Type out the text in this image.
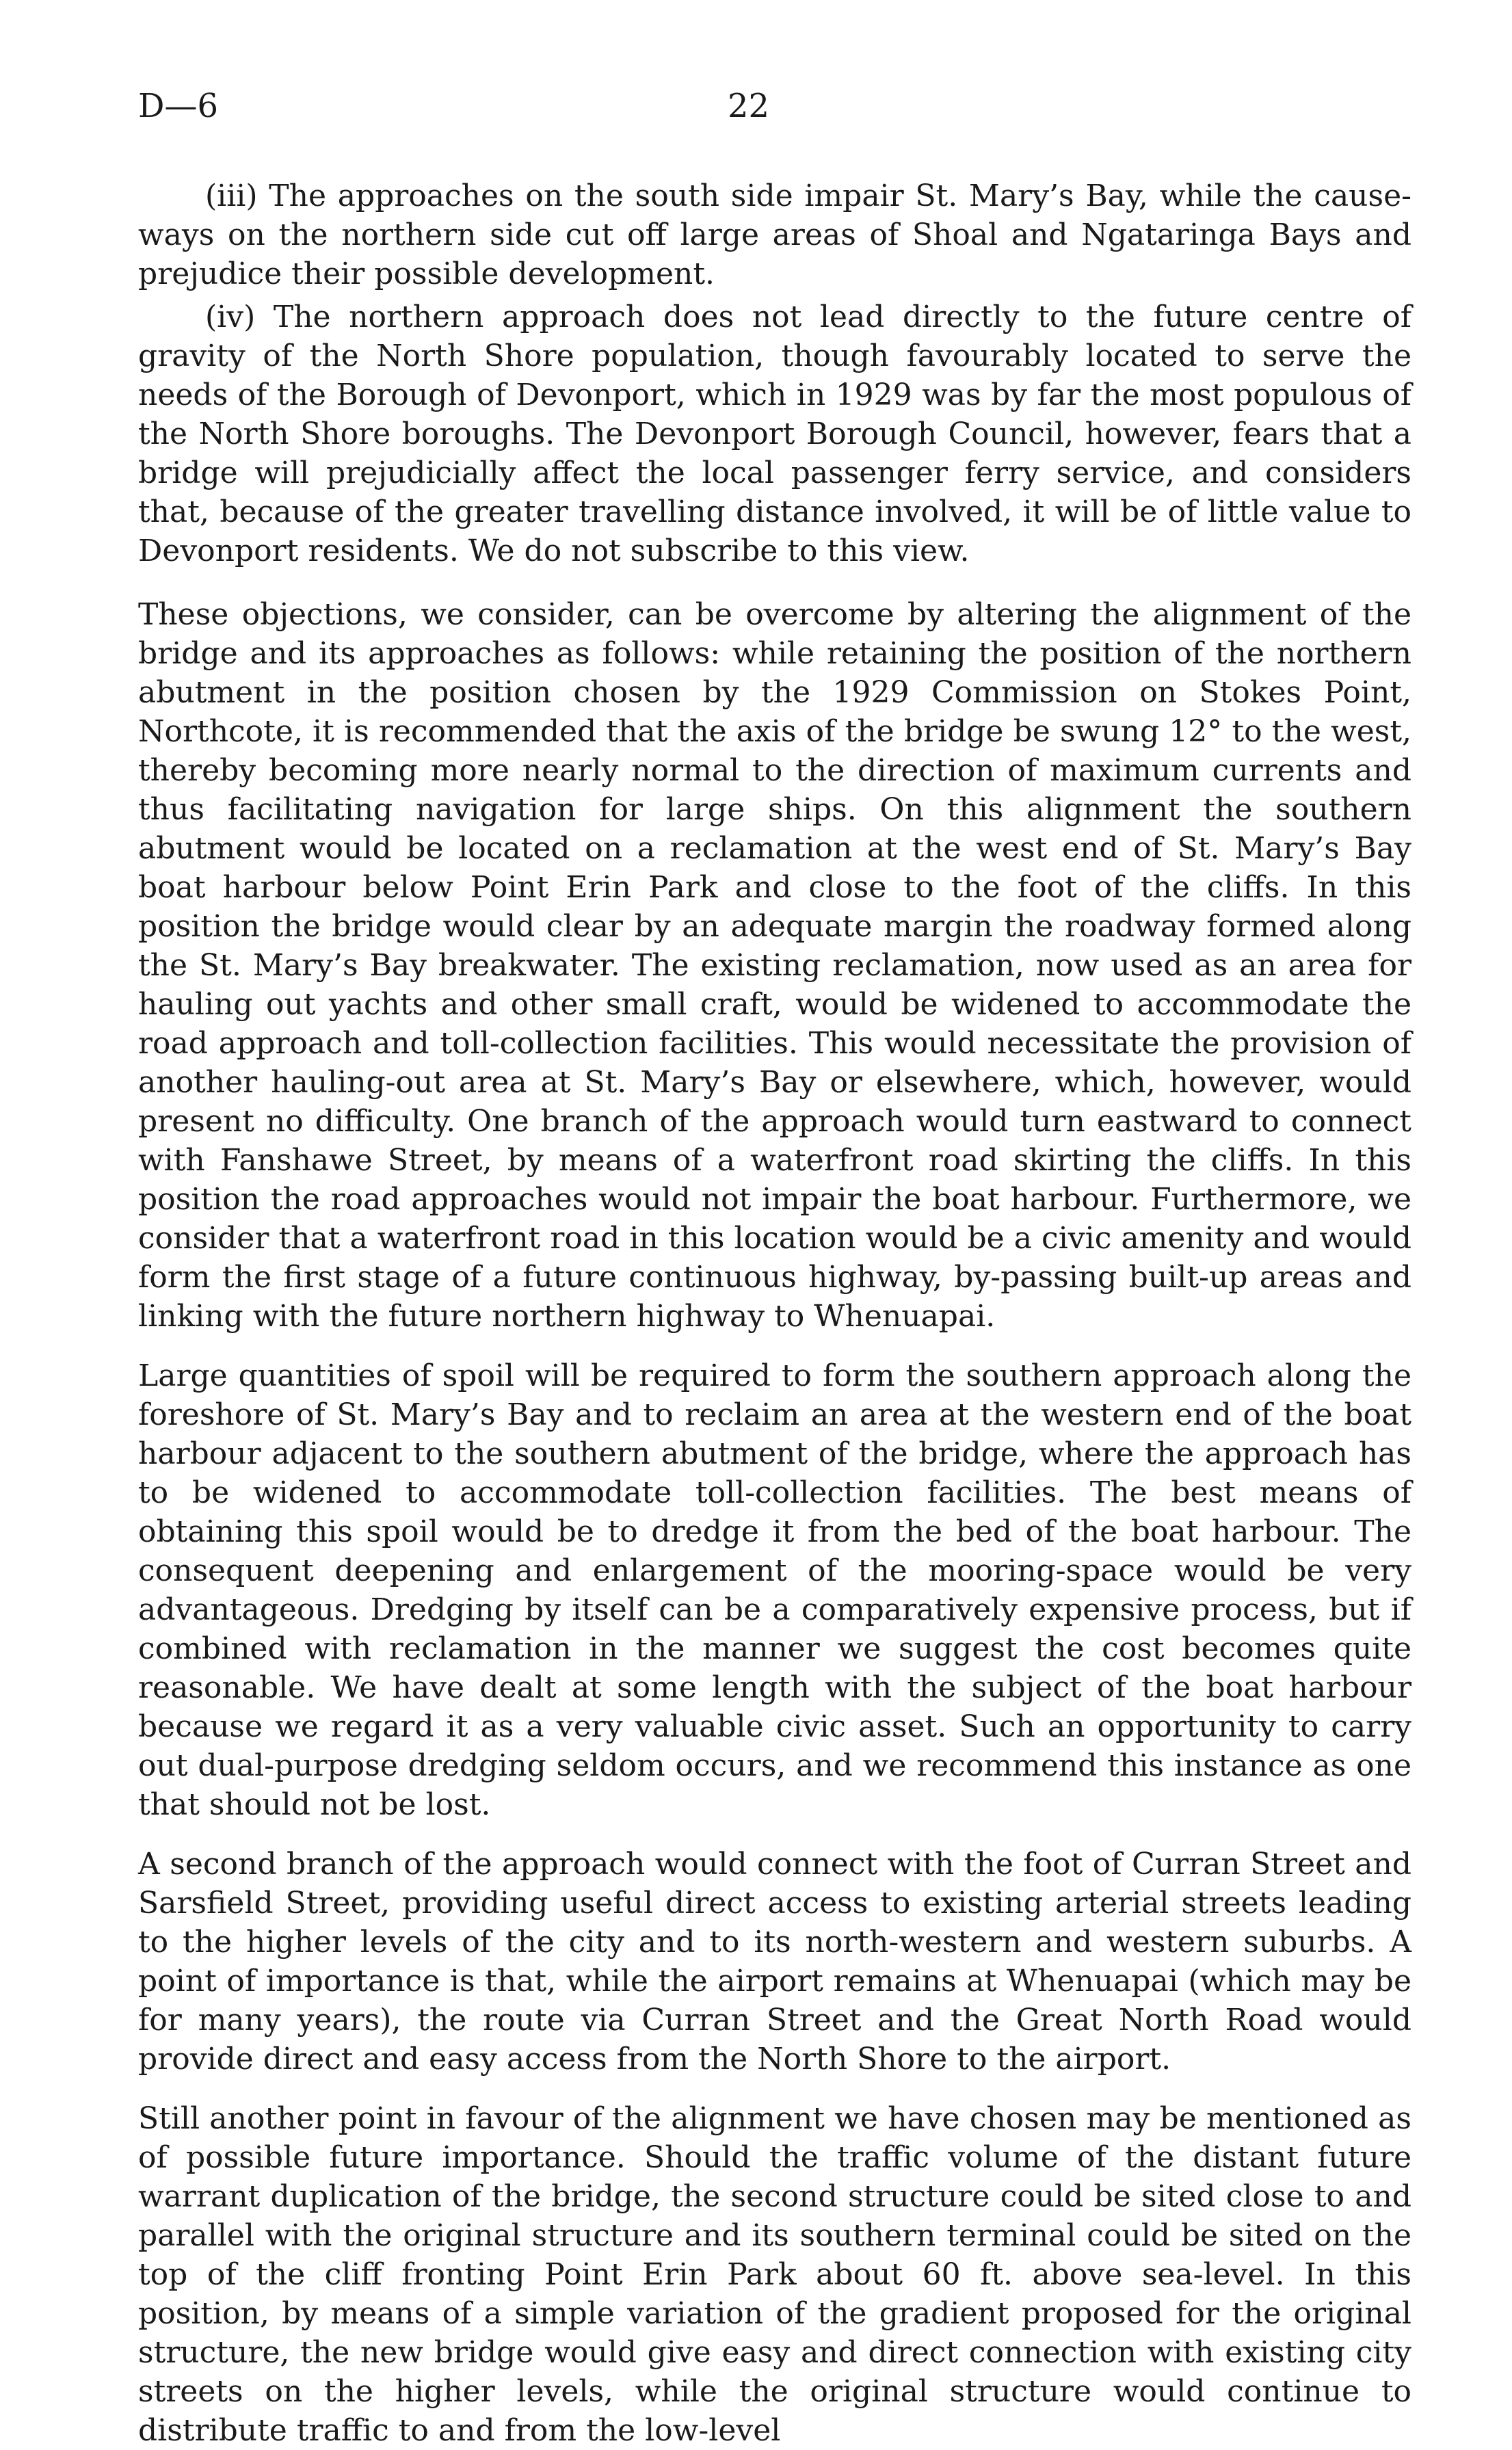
D—6	22

(iii) The approaches on the south side impair St. Mary’s Bay, while the cause-ways on the northern side cut off large areas of Shoal and Ngataringa Bays and prejudice their possible development.

(iv) The northern approach does not lead directly to the future centre of gravity of the North Shore population, though favourably located to serve the needs of the Borough of Devonport, which in 1929 was by far the most populous of the North Shore boroughs. The Devonport Borough Council, however, fears that a bridge will prejudicially affect the local passenger ferry service, and considers that, because of the greater travelling distance involved, it will be of little value to Devonport residents. We do not subscribe to this view.

These objections, we consider, can be overcome by altering the alignment of the bridge and its approaches as follows: while retaining the position of the northern abutment in the position chosen by the 1929 Commission on Stokes Point, Northcote, it is recommended that the axis of the bridge be swung 12° to the west, thereby becoming more nearly normal to the direction of maximum currents and thus facilitating navigation for large ships. On this alignment the southern abutment would be located on a reclamation at the west end of St. Mary’s Bay boat harbour below Point Erin Park and close to the foot of the cliffs. In this position the bridge would clear by an adequate margin the roadway formed along the St. Mary’s Bay breakwater. The existing reclamation, now used as an area for hauling out yachts and other small craft, would be widened to accommodate the road approach and toll-collection facilities. This would necessitate the provision of another hauling-out area at St. Mary’s Bay or elsewhere, which, however, would present no difficulty. One branch of the approach would turn eastward to connect with Fanshawe Street, by means of a waterfront road skirting the cliffs. In this position the road approaches would not impair the boat harbour. Furthermore, we consider that a waterfront road in this location would be a civic amenity and would form the first stage of a future continuous highway, by-passing built-up areas and linking with the future northern highway to Whenuapai.

Large quantities of spoil will be required to form the southern approach along the foreshore of St. Mary’s Bay and to reclaim an area at the western end of the boat harbour adjacent to the southern abutment of the bridge, where the approach has to be widened to accommodate toll-collection facilities. The best means of obtaining this spoil would be to dredge it from the bed of the boat harbour. The consequent deepening and enlargement of the mooring-space would be very advantageous. Dredging by itself can be a comparatively expensive process, but if combined with reclamation in the manner we suggest the cost becomes quite reasonable. We have dealt at some length with the subject of the boat harbour because we regard it as a very valuable civic asset. Such an opportunity to carry out dual-purpose dredging seldom occurs, and we recommend this instance as one that should not be lost.

A second branch of the approach would connect with the foot of Curran Street and Sarsfield Street, providing useful direct access to existing arterial streets leading to the higher levels of the city and to its north-western and western suburbs. A point of importance is that, while the airport remains at Whenuapai (which may be for many years), the route via Curran Street and the Great North Road would provide direct and easy access from the North Shore to the airport.

Still another point in favour of the alignment we have chosen may be mentioned as of possible future importance. Should the traffic volume of the distant future warrant duplication of the bridge, the second structure could be sited close to and parallel with the original structure and its southern terminal could be sited on the top of the cliff fronting Point Erin Park about 60 ft. above sea-level. In this position, by means of a simple variation of the gradient proposed for the original structure, the new bridge would give easy and direct connection with existing city streets on the higher levels, while the original structure would continue to distribute traffic to and from the low-level
